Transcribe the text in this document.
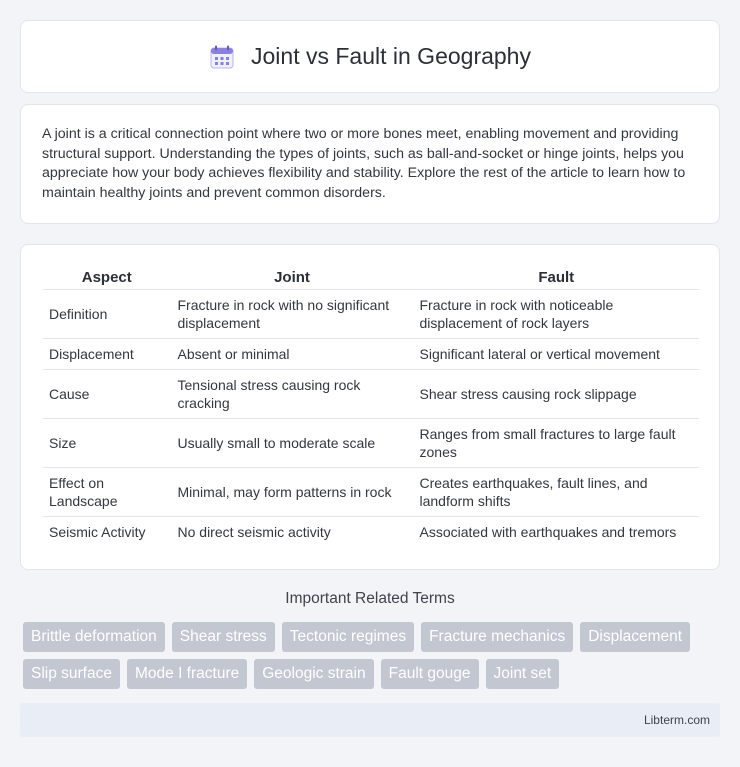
Joint vs Fault in Geography

A joint is a critical connection point where two or more bones meet, enabling movement and providing structural support. Understanding the types of joints, such as ball-and-socket or hinge joints, helps you appreciate how your body achieves flexibility and stability. Explore the rest of the article to learn how to maintain healthy joints and prevent common disorders.

Aspect	Joint	Fault
Definition	Fracture in rock with no significant displacement	Fracture in rock with noticeable displacement of rock layers
Displacement	Absent or minimal	Significant lateral or vertical movement
Cause	Tensional stress causing rock cracking	Shear stress causing rock slippage
Size	Usually small to moderate scale	Ranges from small fractures to large fault zones
Effect on Landscape	Minimal, may form patterns in rock	Creates earthquakes, fault lines, and landform shifts
Seismic Activity	No direct seismic activity	Associated with earthquakes and tremors
Important Related Terms
Brittle deformation	Shear stress	Tectonic regimes	Fracture mechanics	Displacement
Slip surface	Mode I fracture	Geologic strain	Fault gouge	Joint set
Libterm.com
